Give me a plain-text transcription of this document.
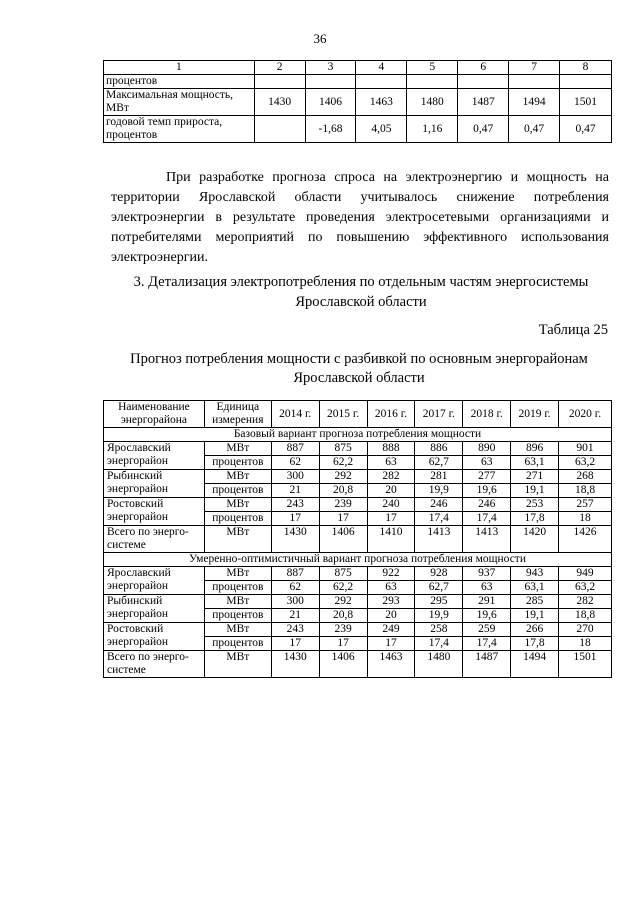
36
1	2	3	4	5	6	7	8
процентов							
Максимальная мощность, МВт	1430	1406	1463	1480	1487	1494	1501
годовой темп прироста, процентов		-1,68	4,05	1,16	0,47	0,47	0,47
При разработке прогноза спроса на электроэнергию и мощность на территории Ярославской области учитывалось снижение потребления электроэнергии в результате проведения электросетевыми организациями и потребителями мероприятий по повышению эффективного использования электроэнергии.
3. Детализация электропотребления по отдельным частям энергосистемы Ярославской области
Таблица 25
Прогноз потребления мощности с разбивкой по основным энергорайонам Ярославской области
Наименование энергорайона	Единица измерения	2014 г.	2015 г.	2016 г.	2017 г.	2018 г.	2019 г.	2020 г.
Базовый вариант прогноза потребления мощности								
Ярославский энергорайон	МВт	887	875	888	886	890	896	901
	процентов	62	62,2	63	62,7	63	63,1	63,2
Рыбинский энергорайон	МВт	300	292	282	281	277	271	268
	процентов	21	20,8	20	19,9	19,6	19,1	18,8
Ростовский энергорайон	МВт	243	239	240	246	246	253	257
	процентов	17	17	17	17,4	17,4	17,8	18
Всего по энерго-системе	МВт	1430	1406	1410	1413	1413	1420	1426
Умеренно-оптимистичный вариант прогноза потребления мощности								
Ярославский энергорайон	МВт	887	875	922	928	937	943	949
	процентов	62	62,2	63	62,7	63	63,1	63,2
Рыбинский энергорайон	МВт	300	292	293	295	291	285	282
	процентов	21	20,8	20	19,9	19,6	19,1	18,8
Ростовский энергорайон	МВт	243	239	249	258	259	266	270
	процентов	17	17	17	17,4	17,4	17,8	18
Всего по энерго-системе	МВт	1430	1406	1463	1480	1487	1494	1501
